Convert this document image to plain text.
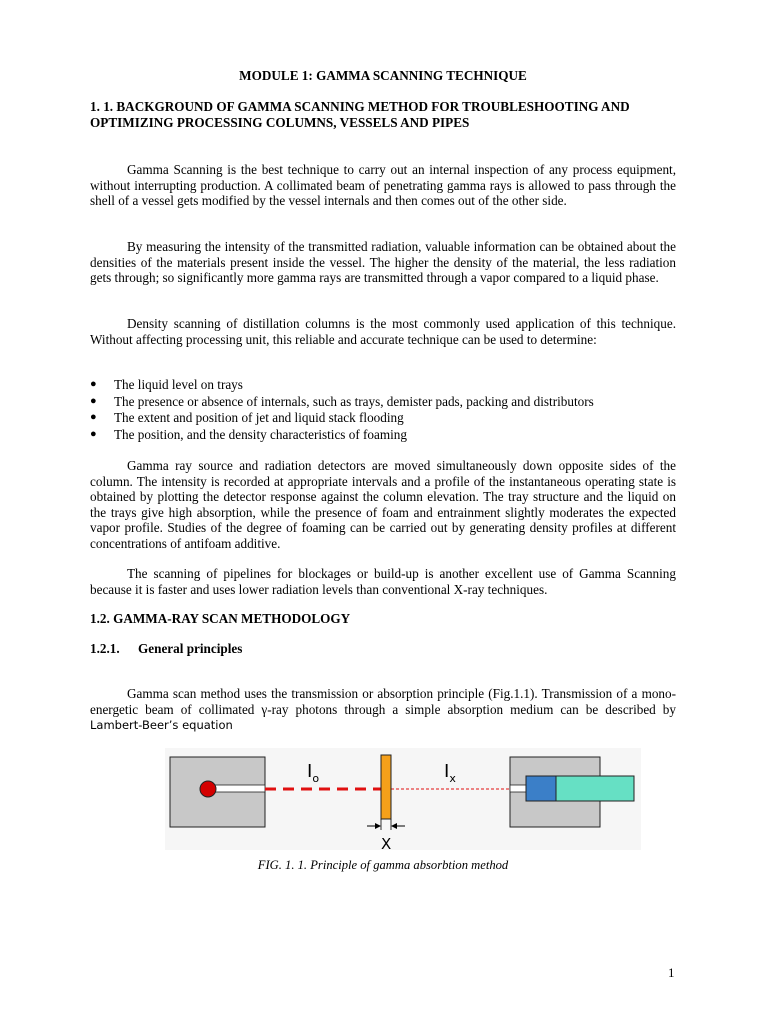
MODULE 1: GAMMA SCANNING TECHNIQUE
1. 1. BACKGROUND OF GAMMA SCANNING METHOD FOR TROUBLESHOOTING AND
OPTIMIZING PROCESSING COLUMNS, VESSELS AND PIPES

Gamma Scanning is the best technique to carry out an internal inspection of any process equipment, without interrupting production. A collimated beam of penetrating gamma rays is allowed to pass through the shell of a vessel gets modified by the vessel internals and then comes out of the other side.

By measuring the intensity of the transmitted radiation, valuable information can be obtained about the densities of the materials present inside the vessel. The higher the density of the material, the less radiation gets through; so significantly more gamma rays are transmitted through a vapor compared to a liquid phase.

Density scanning of distillation columns is the most commonly used application of this technique. Without affecting processing unit, this reliable and accurate technique can be used to determine:

● The liquid level on trays
● The presence or absence of internals, such as trays, demister pads, packing and distributors
● The extent and position of jet and liquid stack flooding
● The position, and the density characteristics of foaming

Gamma ray source and radiation detectors are moved simultaneously down opposite sides of the column. The intensity is recorded at appropriate intervals and a profile of the instantaneous operating state is obtained by plotting the detector response against the column elevation. The tray structure and the liquid on the trays give high absorption, while the presence of foam and entrainment slightly moderates the expected vapor profile. Studies of the degree of foaming can be carried out by generating density profiles at different concentrations of antifoam additive.

The scanning of pipelines for blockages or build-up is another excellent use of Gamma Scanning because it is faster and uses lower radiation levels than conventional X-ray techniques.

1.2. GAMMA-RAY SCAN METHODOLOGY
1.2.1. General principles

Gamma scan method uses the transmission or absorption principle (Fig.1.1). Transmission of a mono-energetic beam of collimated γ-ray photons through a simple absorption medium can be described by Lambert-Beer’s equation

FIG. 1. 1. Principle of gamma absorbtion method
$I_o$	$I_x$
X
1
